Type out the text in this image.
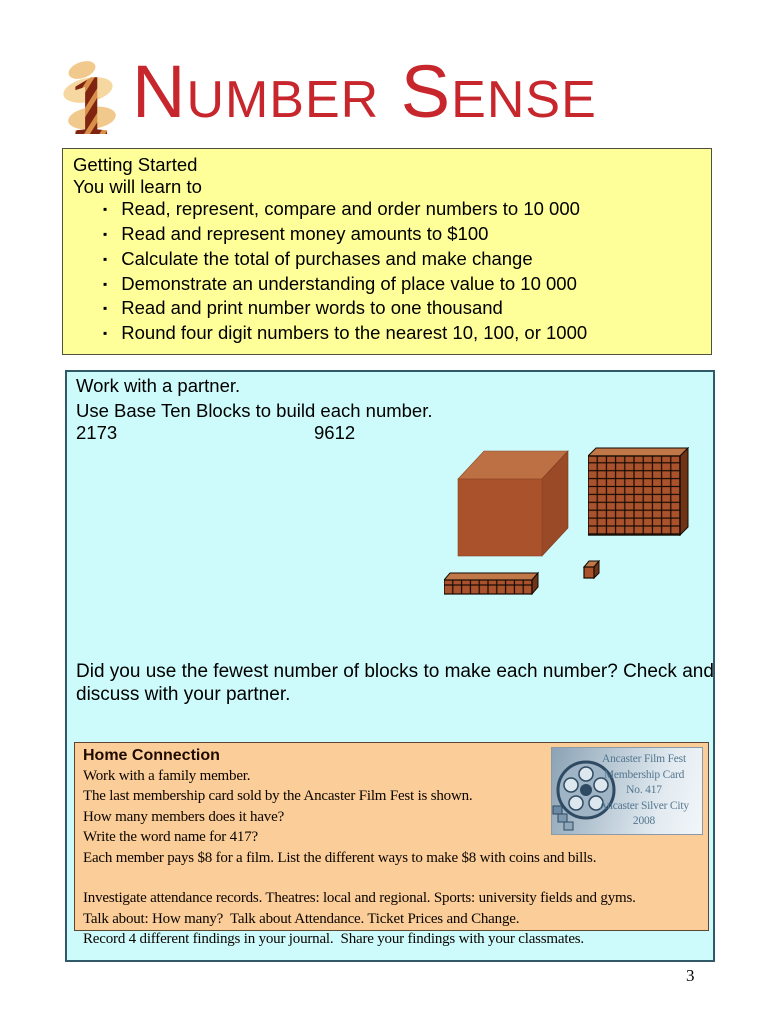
1 Number Sense
Getting Started
You will learn to
▪ Read, represent, compare and order numbers to 10 000
▪ Read and represent money amounts to $100
▪ Calculate the total of purchases and make change
▪ Demonstrate an understanding of place value to 10 000
▪ Read and print number words to one thousand
▪ Round four digit numbers to the nearest 10, 100, or 1000
Work with a partner.
Use Base Ten Blocks to build each number.
2173	9612
Did you use the fewest number of blocks to make each number? Check and discuss with your partner.
Home Connection
Work with a family member.
The last membership card sold by the Ancaster Film Fest is shown.
How many members does it have?
Write the word name for 417?
Each member pays $8 for a film. List the different ways to make $8 with coins and bills.
Investigate attendance records. Theatres: local and regional. Sports: university fields and gyms.
Talk about: How many?  Talk about Attendance. Ticket Prices and Change.
Record 4 different findings in your journal.  Share your findings with your classmates.
Ancaster Film Fest
Membership Card
No. 417
Ancaster Silver City
2008
3
